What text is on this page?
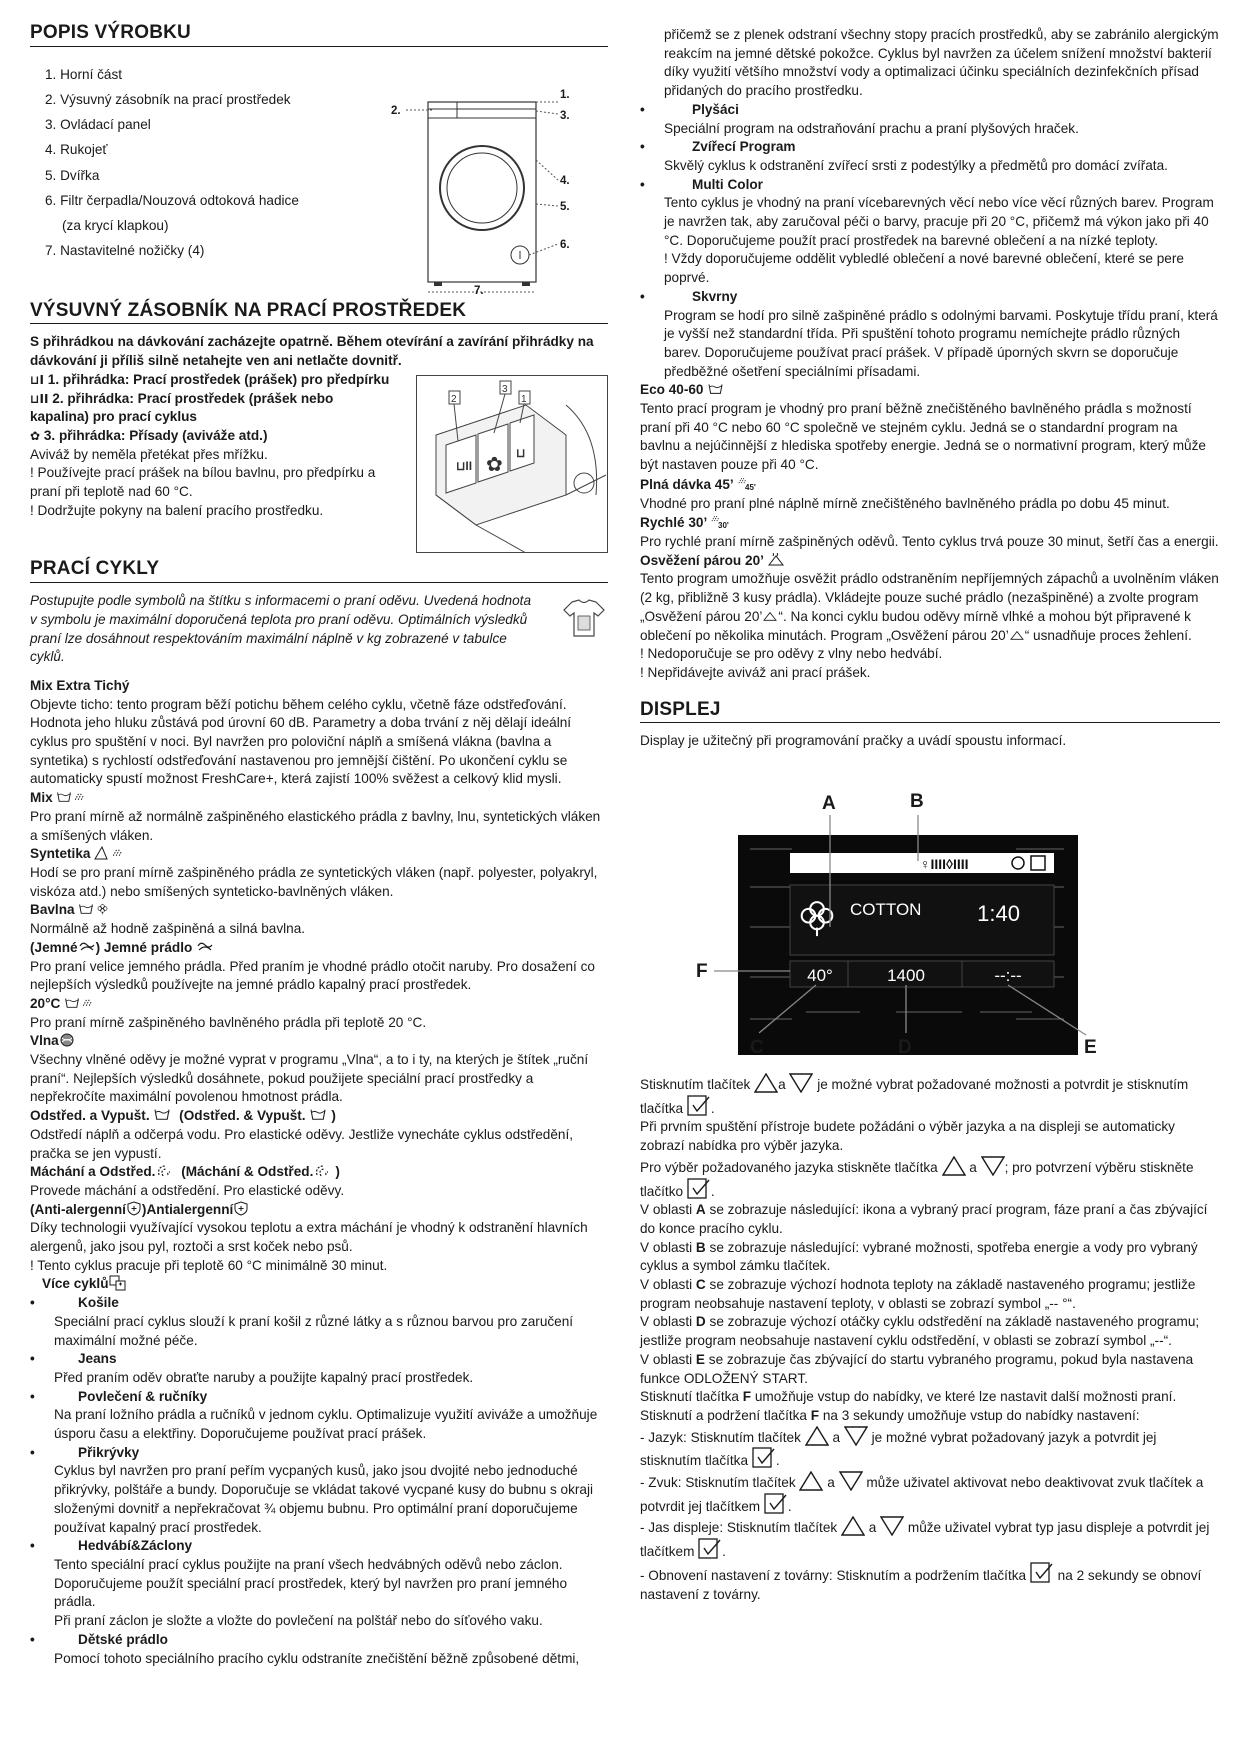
POPIS VÝROBKU
1. Horní část
2. Výsuvný zásobník na prací prostředek
3. Ovládací panel
4. Rukojeť
5. Dvířka
6. Filtr čerpadla/Nouzová odtoková hadice
(za krycí klapkou)
7. Nastavitelné nožičky (4)
1.
2.	3.
4.
5.
6.
7.
VÝSUVNÝ ZÁSOBNÍK NA PRACÍ PROSTŘEDEK

S přihrádkou na dávkování zacházejte opatrně. Během otevírání a zavírání přihrádky na dávkování ji příliš silně netahejte ven ani netlačte dovnitř.

⊔I 1. přihrádka: Prací prostředek (prášek) pro předpírku

⊔II 2. přihrádka: Prací prostředek (prášek nebo kapalina) pro prací cyklus

✿ 3. přihrádka: Přísady (aviváže atd.)

Aviváž by neměla přetékat přes mřížku.

! Používejte prací prášek na bílou bavlnu, pro předpírku a praní při teplotě nad 60 °C.

! Dodržujte pokyny na balení pracího prostředku.

✿
⊔II
⊔
2
3
1
PRACÍ CYKLY

Postupujte podle symbolů na štítku s informacemi o praní oděvu. Uvedená hodnota v symbolu je maximální doporučená teplota pro praní oděvu. Optimálních výsledků praní lze dosáhnout respektováním maximální náplně v kg zobrazené v tabulce cyklů.

Mix Extra Tichý

Objevte ticho: tento program běží potichu během celého cyklu, včetně fáze odstřeďování. Hodnota jeho hluku zůstává pod úrovní 60 dB. Parametry a doba trvání z něj dělají ideální cyklus pro spuštění v noci. Byl navržen pro poloviční náplň a smíšená vlákna (bavlna a syntetika) s rychlostí odstřeďování nastavenou pro jemnější čištění. Po ukončení cyklu se automaticky spustí možnost FreshCare+, která zajistí 100% svěžest a celkový klid mysli.

Mix

Pro praní mírně až normálně zašpiněného elastického prádla z bavlny, lnu, syntetických vláken a smíšených vláken.

Syntetika

Hodí se pro praní mírně zašpiněného prádla ze syntetických vláken (např. polyester, polyakryl, viskóza atd.) nebo smíšených synteticko-bavlněných vláken.

Bavlna

Normálně až hodně zašpiněná a silná bavlna.

(Jemné ) Jemné prádlo

Pro praní velice jemného prádla. Před praním je vhodné prádlo otočit naruby. Pro dosažení co nejlepších výsledků používejte na jemné prádlo kapalný prací prostředek.

20°C

Pro praní mírně zašpiněného bavlněného prádla při teplotě 20 °C.

Vlna

Všechny vlněné oděvy je možné vyprat v programu „Vlna“, a to i ty, na kterých je štítek „ruční praní“. Nejlepších výsledků dosáhnete, pokud použijete speciální prací prostředky a nepřekročíte maximální povolenou hmotnost prádla.

Odstřed. a Vypušt. (Odstřed. & Vypušt. )

Odstředí náplň a odčerpá vodu. Pro elastické oděvy. Jestliže vynecháte cyklus odstředění, pračka se jen vypustí.

Máchání a Odstřed. (Máchání & Odstřed. )

Provede máchání a odstředění. Pro elastické oděvy.

(Anti-alergenní )Antialergenní

Díky technologii využívající vysokou teplotu a extra máchání je vhodný k odstranění hlavních alergenů, jako jsou pyl, roztoči a srst koček nebo psů.

! Tento cyklus pracuje při teplotě 60 °C minimálně 30 minut.

Více cyklů

• Košile

Speciální prací cyklus slouží k praní košil z různé látky a s různou barvou pro zaručení maximální možné péče.

• Jeans

Před praním oděv obraťte naruby a použijte kapalný prací prostředek.

• Povlečení & ručníky

Na praní ložního prádla a ručníků v jednom cyklu. Optimalizuje využití aviváže a umožňuje úsporu času a elektřiny. Doporučujeme používat prací prášek.

• Přikrývky

Cyklus byl navržen pro praní peřím vycpaných kusů, jako jsou dvojité nebo jednoduché přikrývky, polštáře a bundy. Doporučuje se vkládat takové vycpané kusy do bubnu s okraji složenými dovnitř a nepřekračovat ¾ objemu bubnu. Pro optimální praní doporučujeme používat kapalný prací prostředek.

• Hedvábí&Záclony

Tento speciální prací cyklus použijte na praní všech hedvábných oděvů nebo záclon. Doporučujeme použít speciální prací prostředek, který byl navržen pro praní jemného prádla.

Při praní záclon je složte a vložte do povlečení na polštář nebo do síťového vaku.

• Dětské prádlo

Pomocí tohoto speciálního pracího cyklu odstraníte znečištění běžně způsobené dětmi,

přičemž se z plenek odstraní všechny stopy pracích prostředků, aby se zabránilo alergickým reakcím na jemné dětské pokožce. Cyklus byl navržen za účelem snížení množství bakterií díky využití většího množství vody a optimalizaci účinku speciálních dezinfekčních přísad přidaných do pracího prostředku.

• Plyšáci

Speciální program na odstraňování prachu a praní plyšových hraček.

• Zvířecí Program

Skvělý cyklus k odstranění zvířecí srsti z podestýlky a předmětů pro domácí zvířata.

• Multi Color

Tento cyklus je vhodný na praní vícebarevných věcí nebo více věcí různých barev. Program je navržen tak, aby zaručoval péči o barvy, pracuje při 20 °C, přičemž má výkon jako při 40 °C. Doporučujeme použít prací prostředek na barevné oblečení a na nízké teploty.

! Vždy doporučujeme oddělit vybledlé oblečení a nové barevné oblečení, které se pere poprvé.

• Skvrny

Program se hodí pro silně zašpiněné prádlo s odolnými barvami. Poskytuje třídu praní, která je vyšší než standardní třída. Při spuštění tohoto programu nemíchejte prádlo různých barev. Doporučujeme používat prací prášek. V případě úporných skvrn se doporučuje předběžné ošetření speciálními přísadami.

Eco 40-60

Tento prací program je vhodný pro praní běžně znečištěného bavlněného prádla s možností praní při 40 °C nebo 60 °C společně ve stejném cyklu. Jedná se o standardní program na bavlnu a nejúčinnější z hlediska spotřeby energie. Jedná se o normativní program, který může být nastaven pouze při 40 °C.

Plná dávka 45’ 45'

Vhodné pro praní plné náplně mírně znečištěného bavlněného prádla po dobu 45 minut.

Rychlé 30’ 30'

Pro rychlé praní mírně zašpiněných oděvů. Tento cyklus trvá pouze 30 minut, šetří čas a energii.

Osvěžení párou 20’

Tento program umožňuje osvěžit prádlo odstraněním nepříjemných zápachů a uvolněním vláken (2 kg, přibližně 3 kusy prádla). Vkládejte pouze suché prádlo (nezašpiněné) a zvolte program „Osvěžení párou 20’ “. Na konci cyklu budou oděvy mírně vlhké a mohou být připravené k oblečení po několika minutách. Program „Osvěžení párou 20’ “ usnadňuje proces žehlení.

! Nedoporučuje se pro oděvy z vlny nebo hedvábí.

! Nepřidávejte aviváž ani prací prášek.

DISPLEJ

Display je užitečný při programování pračky a uvádí spoustu informací.

♀IIII◊IIII
COTTON	1:40
40°	1400	--:--
A	B
C	D	E
F

Stisknutím tlačítek a je možné vybrat požadované možnosti a potvrdit je stisknutím tlačítka .

Při prvním spuštění přístroje budete požádáni o výběr jazyka a na displeji se automaticky zobrazí nabídka pro výběr jazyka.

Pro výběr požadovaného jazyka stiskněte tlačítka a ; pro potvrzení výběru stiskněte tlačítko .

V oblasti A se zobrazuje následující: ikona a vybraný prací program, fáze praní a čas zbývající do konce pracího cyklu.

V oblasti B se zobrazuje následující: vybrané možnosti, spotřeba energie a vody pro vybraný cyklus a symbol zámku tlačítek.

V oblasti C se zobrazuje výchozí hodnota teploty na základě nastaveného programu; jestliže program neobsahuje nastavení teploty, v oblasti se zobrazí symbol „-- °“.

V oblasti D se zobrazuje výchozí otáčky cyklu odstředění na základě nastaveného programu; jestliže program neobsahuje nastavení cyklu odstředění, v oblasti se zobrazí symbol „--“.

V oblasti E se zobrazuje čas zbývající do startu vybraného programu, pokud byla nastavena funkce ODLOŽENÝ START.

Stisknutí tlačítka F umožňuje vstup do nabídky, ve které lze nastavit další možnosti praní.

Stisknutí a podržení tlačítka F na 3 sekundy umožňuje vstup do nabídky nastavení:

- Jazyk: Stisknutím tlačítek a je možné vybrat požadovaný jazyk a potvrdit jej stisknutím tlačítka .

- Zvuk: Stisknutím tlačítek a může uživatel aktivovat nebo deaktivovat zvuk tlačítek a potvrdit jej tlačítkem .

- Jas displeje: Stisknutím tlačítek a může uživatel vybrat typ jasu displeje a potvrdit jej tlačítkem .

- Obnovení nastavení z továrny: Stisknutím a podržením tlačítka na 2 sekundy se obnoví nastavení z továrny.
